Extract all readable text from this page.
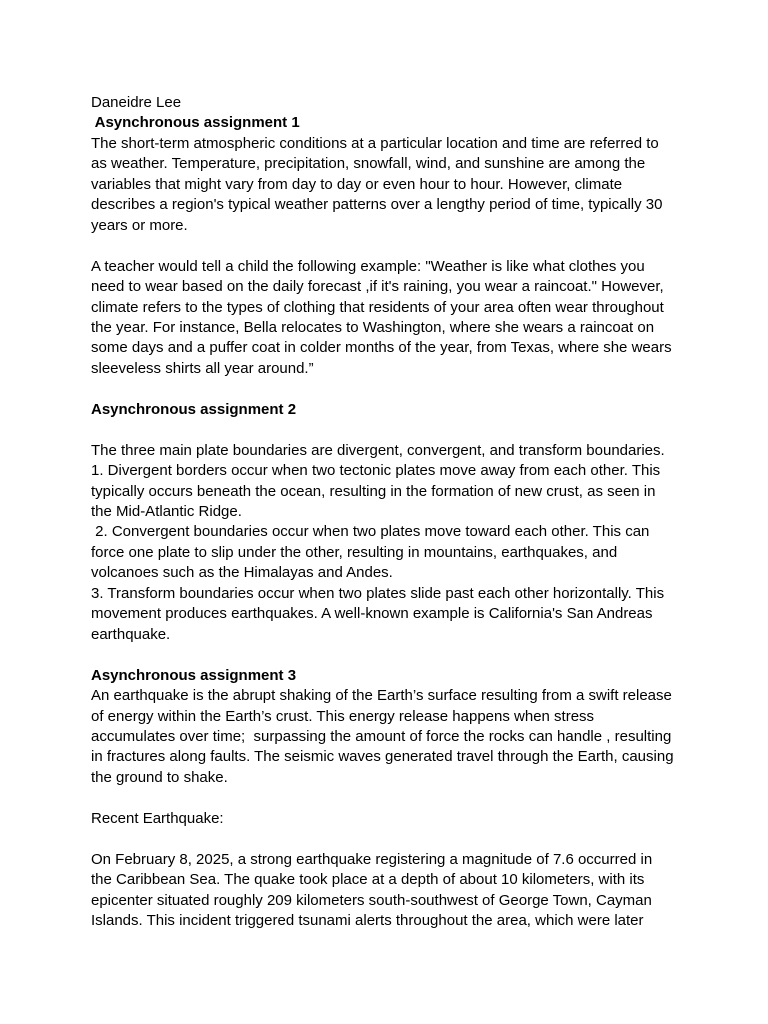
Daneidre Lee

Asynchronous assignment 1

The short-term atmospheric conditions at a particular location and time are referred to
as weather. Temperature, precipitation, snowfall, wind, and sunshine are among the
variables that might vary from day to day or even hour to hour. However, climate
describes a region's typical weather patterns over a lengthy period of time, typically 30
years or more.

A teacher would tell a child the following example: "Weather is like what clothes you
need to wear based on the daily forecast ,if it's raining, you wear a raincoat." However,
climate refers to the types of clothing that residents of your area often wear throughout
the year. For instance, Bella relocates to Washington, where she wears a raincoat on
some days and a puffer coat in colder months of the year, from Texas, where she wears
sleeveless shirts all year around.”

Asynchronous assignment 2

The three main plate boundaries are divergent, convergent, and transform boundaries.

1. Divergent borders occur when two tectonic plates move away from each other. This
typically occurs beneath the ocean, resulting in the formation of new crust, as seen in
the Mid-Atlantic Ridge.

2. Convergent boundaries occur when two plates move toward each other. This can
force one plate to slip under the other, resulting in mountains, earthquakes, and
volcanoes such as the Himalayas and Andes.

3. Transform boundaries occur when two plates slide past each other horizontally. This
movement produces earthquakes. A well-known example is California's San Andreas
earthquake.

Asynchronous assignment 3

An earthquake is the abrupt shaking of the Earth’s surface resulting from a swift release
of energy within the Earth’s crust. This energy release happens when stress
accumulates over time;  surpassing the amount of force the rocks can handle , resulting
in fractures along faults. The seismic waves generated travel through the Earth, causing
the ground to shake.

Recent Earthquake:

On February 8, 2025, a strong earthquake registering a magnitude of 7.6 occurred in
the Caribbean Sea. The quake took place at a depth of about 10 kilometers, with its
epicenter situated roughly 209 kilometers south-southwest of George Town, Cayman
Islands. This incident triggered tsunami alerts throughout the area, which were later
